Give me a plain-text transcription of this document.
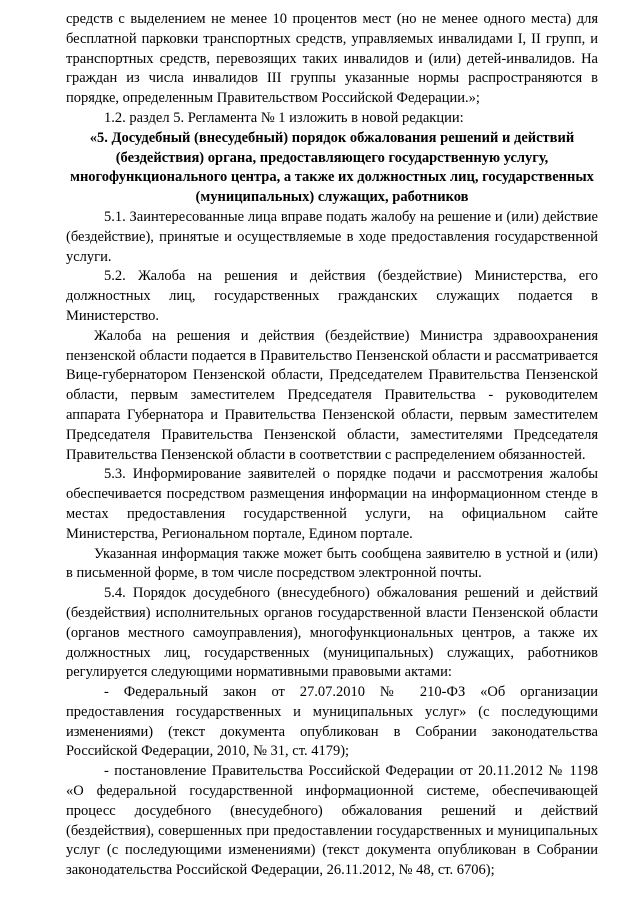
средств с выделением не менее 10 процентов мест (но не менее одного места) для бесплатной парковки транспортных средств, управляемых инвалидами I, II групп, и транспортных средств, перевозящих таких инвалидов и (или) детей-инвалидов. На граждан из числа инвалидов III группы указанные нормы распространяются в порядке, определенным Правительством Российской Федерации.»;

1.2. раздел 5. Регламента № 1 изложить в новой редакции:

«5. Досудебный (внесудебный) порядок обжалования решений и действий (бездействия) органа, предоставляющего государственную услугу, многофункционального центра, а также их должностных лиц, государственных (муниципальных) служащих, работников

5.1. Заинтересованные лица вправе подать жалобу на решение и (или) действие (бездействие), принятые и осуществляемые в ходе предоставления государственной услуги.

5.2. Жалоба на решения и действия (бездействие) Министерства, его должностных лиц, государственных гражданских служащих подается в Министерство.

Жалоба на решения и действия (бездействие) Министра здравоохранения пензенской области подается в Правительство Пензенской области и рассматривается Вице-губернатором Пензенской области, Председателем Правительства Пензенской области, первым заместителем Председателя Правительства - руководителем аппарата Губернатора и Правительства Пензенской области, первым заместителем Председателя Правительства Пензенской области, заместителями Председателя Правительства Пензенской области в соответствии с распределением обязанностей.

5.3. Информирование заявителей о порядке подачи и рассмотрения жалобы обеспечивается посредством размещения информации на информационном стенде в местах предоставления государственной услуги, на официальном сайте Министерства, Региональном портале, Едином портале.

Указанная информация также может быть сообщена заявителю в устной и (или) в письменной форме, в том числе посредством электронной почты.

5.4. Порядок досудебного (внесудебного) обжалования решений и действий (бездействия) исполнительных органов государственной власти Пензенской области (органов местного самоуправления), многофункциональных центров, а также их должностных лиц, государственных (муниципальных) служащих, работников регулируется следующими нормативными правовыми актами:

- Федеральный закон от 27.07.2010 № 210-ФЗ «Об организации предоставления государственных и муниципальных услуг» (с последующими изменениями) (текст документа опубликован в Собрании законодательства Российской Федерации, 2010, № 31, ст. 4179);

- постановление Правительства Российской Федерации от 20.11.2012 № 1198 «О федеральной государственной информационной системе, обеспечивающей процесс досудебного (внесудебного) обжалования решений и действий (бездействия), совершенных при предоставлении государственных и муниципальных услуг (с последующими изменениями) (текст документа опубликован в Собрании законодательства Российской Федерации, 26.11.2012, № 48, ст. 6706);
